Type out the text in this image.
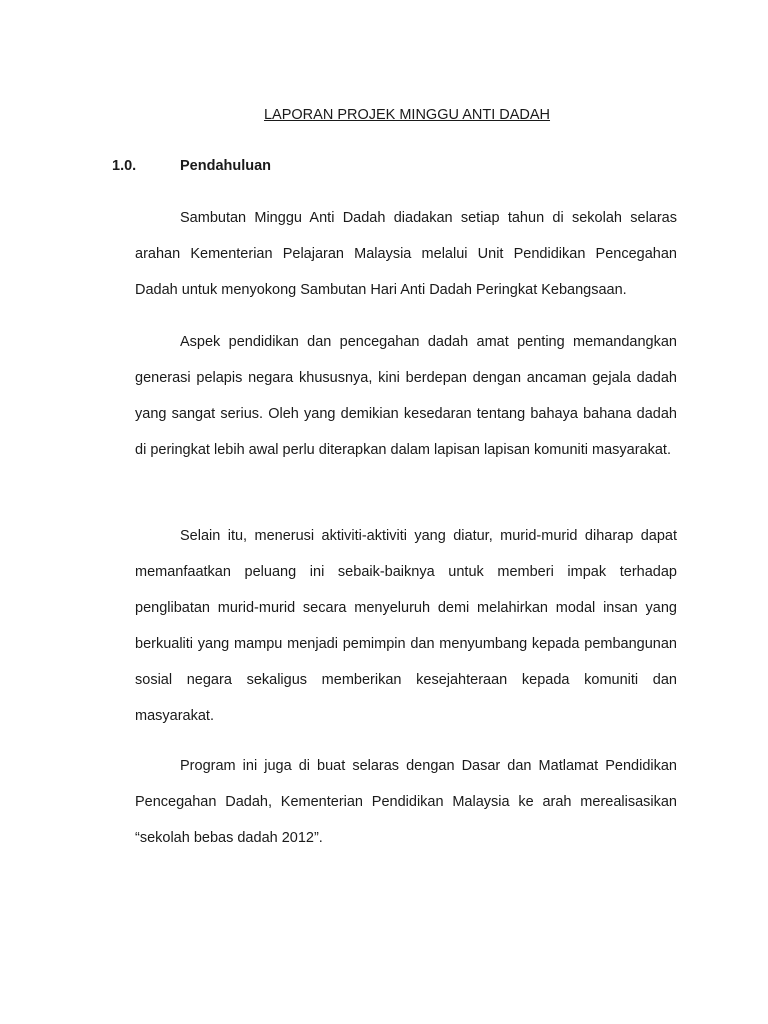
LAPORAN PROJEK MINGGU ANTI DADAH
1.0.	Pendahuluan

Sambutan Minggu Anti Dadah diadakan setiap tahun di sekolah selaras arahan Kementerian Pelajaran Malaysia melalui Unit Pendidikan Pencegahan Dadah untuk menyokong Sambutan Hari Anti Dadah Peringkat Kebangsaan.

Aspek pendidikan dan pencegahan dadah amat penting memandangkan generasi pelapis negara khususnya, kini berdepan dengan ancaman gejala dadah yang sangat serius. Oleh yang demikian kesedaran tentang bahaya bahana dadah di peringkat lebih awal perlu diterapkan dalam lapisan lapisan komuniti masyarakat.

Selain itu, menerusi aktiviti-aktiviti yang diatur, murid-murid diharap dapat memanfaatkan peluang ini sebaik-baiknya untuk memberi impak terhadap penglibatan murid-murid secara menyeluruh demi melahirkan modal insan yang berkualiti yang mampu menjadi pemimpin dan menyumbang kepada pembangunan sosial negara sekaligus memberikan kesejahteraan kepada komuniti dan masyarakat.

Program ini juga di buat selaras dengan Dasar dan Matlamat Pendidikan Pencegahan Dadah, Kementerian Pendidikan Malaysia ke arah merealisasikan “sekolah bebas dadah 2012”.
